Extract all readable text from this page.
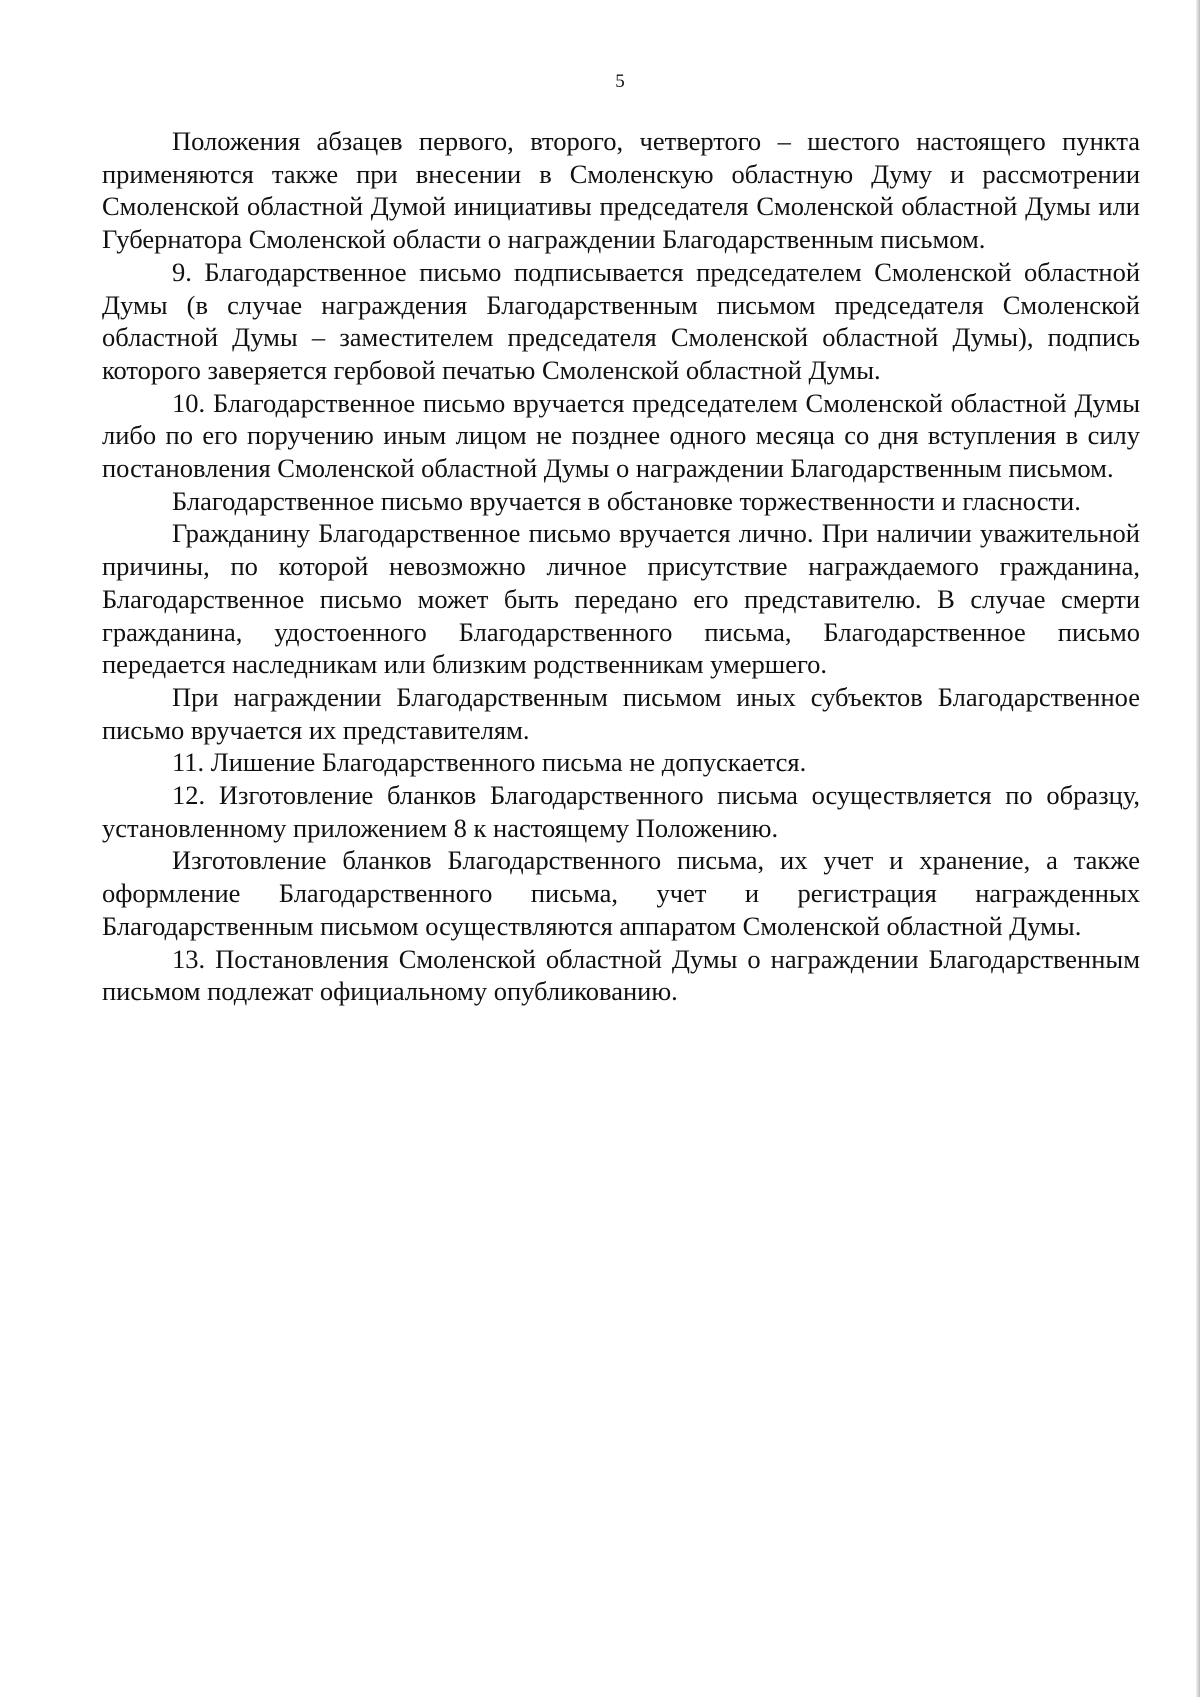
5

Положения абзацев первого, второго, четвертого – шестого настоящего пункта применяются также при внесении в Смоленскую областную Думу и рассмотрении Смоленской областной Думой инициативы председателя Смоленской областной Думы или Губернатора Смоленской области о награждении Благодарственным письмом.

9. Благодарственное письмо подписывается председателем Смоленской областной Думы (в случае награждения Благодарственным письмом председателя Смоленской областной Думы – заместителем председателя Смоленской областной Думы), подпись которого заверяется гербовой печатью Смоленской областной Думы.

10. Благодарственное письмо вручается председателем Смоленской областной Думы либо по его поручению иным лицом не позднее одного месяца со дня вступления в силу постановления Смоленской областной Думы о награждении Благодарственным письмом.

Благодарственное письмо вручается в обстановке торжественности и гласности.

Гражданину Благодарственное письмо вручается лично. При наличии уважительной причины, по которой невозможно личное присутствие награждаемого гражданина, Благодарственное письмо может быть передано его представителю. В случае смерти гражданина, удостоенного Благодарственного письма, Благодарственное письмо передается наследникам или близким родственникам умершего.

При награждении Благодарственным письмом иных субъектов Благодарственное письмо вручается их представителям.

11. Лишение Благодарственного письма не допускается.

12. Изготовление бланков Благодарственного письма осуществляется по образцу, установленному приложением 8 к настоящему Положению.

Изготовление бланков Благодарственного письма, их учет и хранение, а также оформление Благодарственного письма, учет и регистрация награжденных Благодарственным письмом осуществляются аппаратом Смоленской областной Думы.

13. Постановления Смоленской областной Думы о награждении Благодарственным письмом подлежат официальному опубликованию.
